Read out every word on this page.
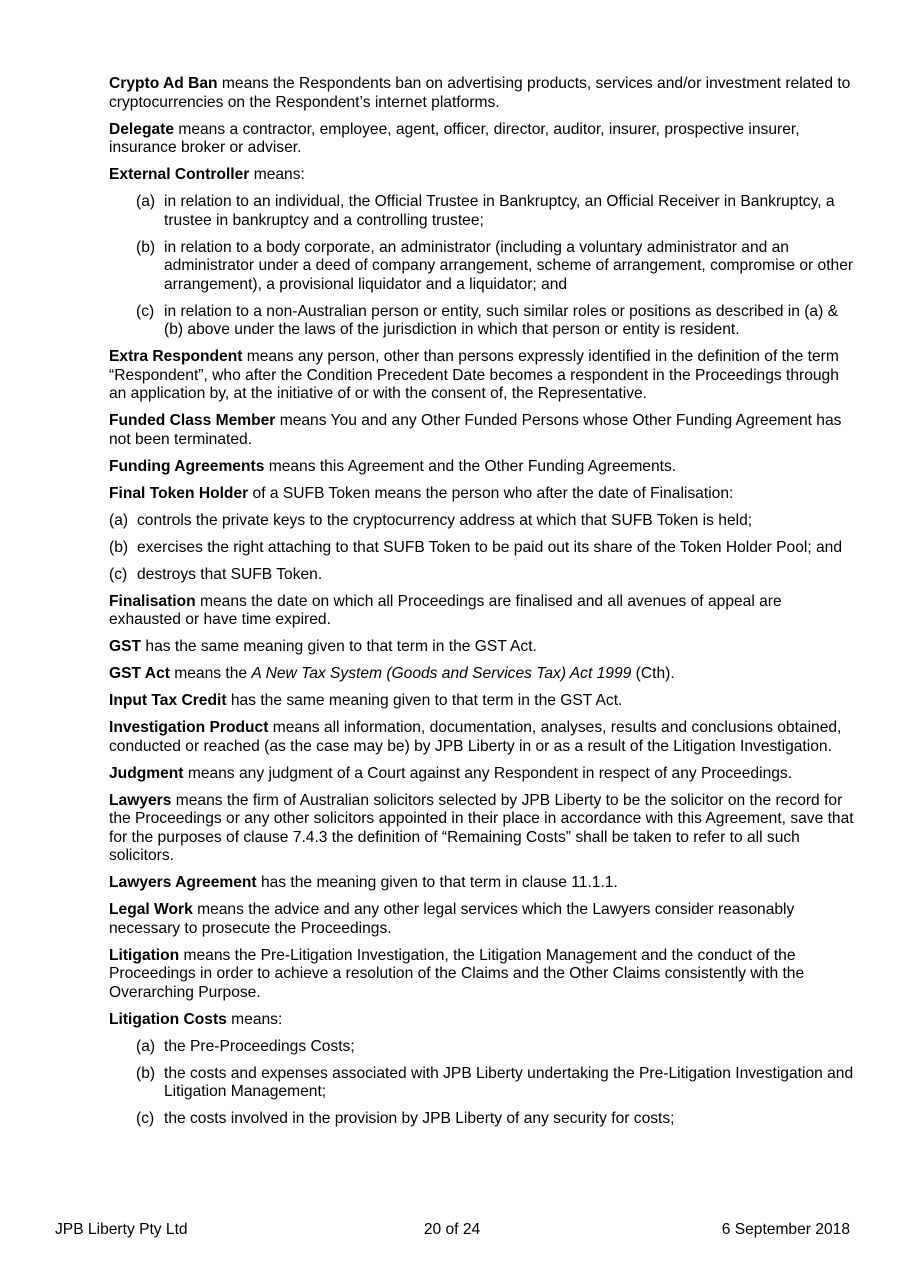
Crypto Ad Ban means the Respondents ban on advertising products, services and/or investment related to cryptocurrencies on the Respondent’s internet platforms.

Delegate means a contractor, employee, agent, officer, director, auditor, insurer, prospective insurer, insurance broker or adviser.

External Controller means:

(a) in relation to an individual, the Official Trustee in Bankruptcy, an Official Receiver in Bankruptcy, a trustee in bankruptcy and a controlling trustee;
(b) in relation to a body corporate, an administrator (including a voluntary administrator and an administrator under a deed of company arrangement, scheme of arrangement, compromise or other arrangement), a provisional liquidator and a liquidator; and
(c) in relation to a non-Australian person or entity, such similar roles or positions as described in (a) & (b) above under the laws of the jurisdiction in which that person or entity is resident.

Extra Respondent means any person, other than persons expressly identified in the definition of the term “Respondent”, who after the Condition Precedent Date becomes a respondent in the Proceedings through an application by, at the initiative of or with the consent of, the Representative.

Funded Class Member means You and any Other Funded Persons whose Other Funding Agreement has not been terminated.

Funding Agreements means this Agreement and the Other Funding Agreements.

Final Token Holder of a SUFB Token means the person who after the date of Finalisation:

(a) controls the private keys to the cryptocurrency address at which that SUFB Token is held;
(b) exercises the right attaching to that SUFB Token to be paid out its share of the Token Holder Pool; and
(c) destroys that SUFB Token.

Finalisation means the date on which all Proceedings are finalised and all avenues of appeal are exhausted or have time expired.

GST has the same meaning given to that term in the GST Act.

GST Act means the A New Tax System (Goods and Services Tax) Act 1999 (Cth).

Input Tax Credit has the same meaning given to that term in the GST Act.

Investigation Product means all information, documentation, analyses, results and conclusions obtained, conducted or reached (as the case may be) by JPB Liberty in or as a result of the Litigation Investigation.

Judgment means any judgment of a Court against any Respondent in respect of any Proceedings.

Lawyers means the firm of Australian solicitors selected by JPB Liberty to be the solicitor on the record for the Proceedings or any other solicitors appointed in their place in accordance with this Agreement, save that for the purposes of clause 7.4.3 the definition of “Remaining Costs” shall be taken to refer to all such solicitors.

Lawyers Agreement has the meaning given to that term in clause 11.1.1.

Legal Work means the advice and any other legal services which the Lawyers consider reasonably necessary to prosecute the Proceedings.

Litigation means the Pre-Litigation Investigation, the Litigation Management and the conduct of the Proceedings in order to achieve a resolution of the Claims and the Other Claims consistently with the Overarching Purpose.

Litigation Costs means:

(a) the Pre-Proceedings Costs;
(b) the costs and expenses associated with JPB Liberty undertaking the Pre-Litigation Investigation and Litigation Management;
(c) the costs involved in the provision by JPB Liberty of any security for costs;
JPB Liberty Pty Ltd	20 of 24	6 September 2018
